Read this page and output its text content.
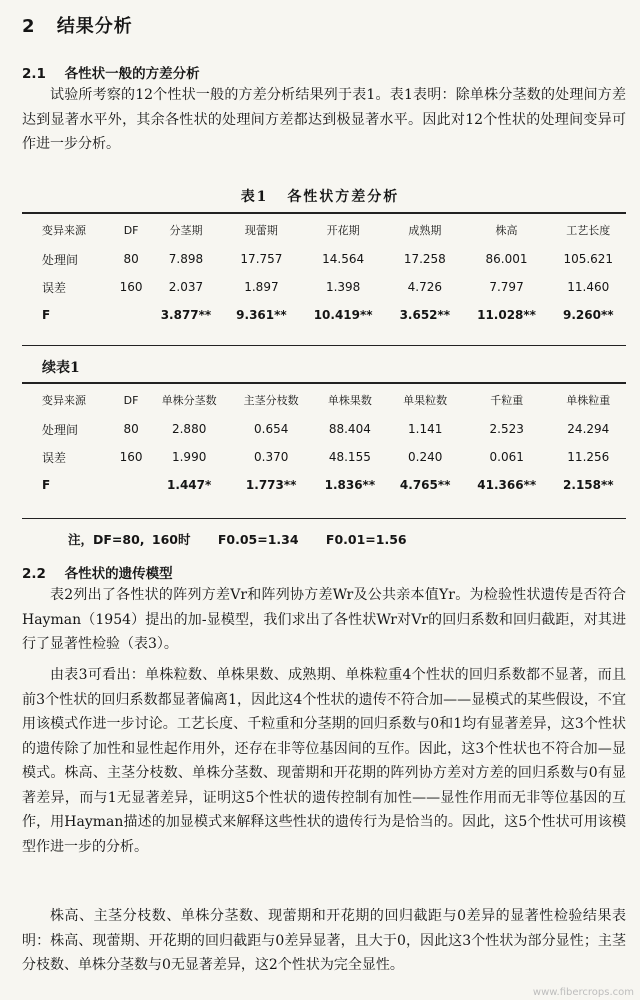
2 结果分析
2.1 各性状一般的方差分析

试验所考察的12个性状一般的方差分析结果列于表1。表1表明：除单株分茎数的处理间方差达到显著水平外，其余各性状的处理间方差都达到极显著水平。因此对12个性状的处理间变异可作进一步分析。

表1 各性状方差分析
变异来源	DF	分茎期	现蕾期	开花期	成熟期	株高	工艺长度
处理间	80	7.898	17.757	14.564	17.258	86.001	105.621
误差	160	2.037	1.897	1.398	4.726	7.797	11.460
F		3.877**	9.361**	10.419**	3.652**	11.028**	9.260**
续表1
变异来源	DF	单株分茎数	主茎分枝数	单株果数	单果粒数	千粒重	单株粒重
处理间	80	2.880	0.654	88.404	1.141	2.523	24.294
误差	160	1.990	0.370	48.155	0.240	0.061	11.256
F		1.447*	1.773**	1.836**	4.765**	41.366**	2.158**
注，DF=80, 160时 F0.05=1.34 F0.01=1.56
2.2 各性状的遗传模型

表2列出了各性状的阵列方差Vr和阵列协方差Wr及公共亲本值Yr。为检验性状遗传是否符合Hayman（1954）提出的加-显模型，我们求出了各性状Wr对Vr的回归系数和回归截距，对其进行了显著性检验（表3）。

由表3可看出：单株粒数、单株果数、成熟期、单株粒重4个性状的回归系数都不显著，而且前3个性状的回归系数都显著偏离1，因此这4个性状的遗传不符合加——显模式的某些假设，不宜用该模式作进一步讨论。工艺长度、千粒重和分茎期的回归系数与0和1均有显著差异，这3个性状的遗传除了加性和显性起作用外，还存在非等位基因间的互作。因此，这3个性状也不符合加—显模式。株高、主茎分枝数、单株分茎数、现蕾期和开花期的阵列协方差对方差的回归系数与0有显著差异，而与1无显著差异，证明这5个性状的遗传控制有加性——显性作用而无非等位基因的互作，用Hayman描述的加显模式来解释这些性状的遗传行为是恰当的。因此，这5个性状可用该模型作进一步的分析。

株高、主茎分枝数、单株分茎数、现蕾期和开花期的回归截距与0差异的显著性检验结果表明：株高、现蕾期、开花期的回归截距与0差异显著，且大于0，因此这3个性状为部分显性；主茎分枝数、单株分茎数与0无显著差异，这2个性状为完全显性。

www.fibercrops.com
